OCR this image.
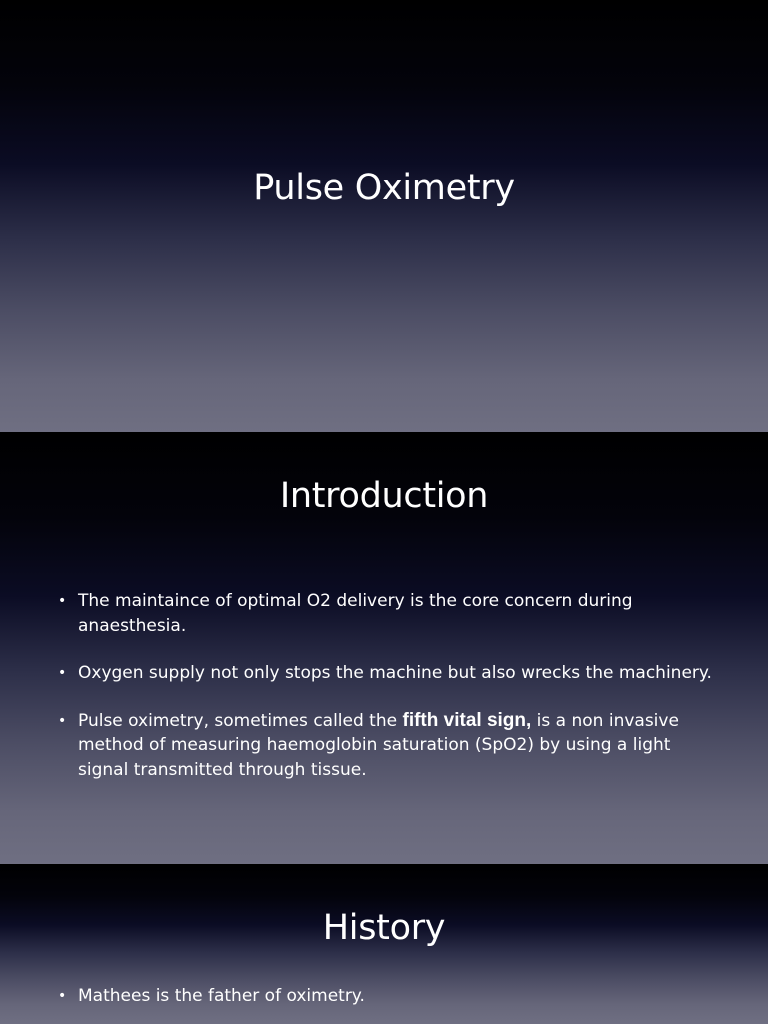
Pulse Oximetry
Introduction
• The maintaince of optimal O2 delivery is the core concern during anaesthesia.
• Oxygen supply not only stops the machine but also wrecks the machinery.
• Pulse oximetry, sometimes called the fifth vital sign, is a non invasive method of measuring haemoglobin saturation (SpO2) by using a light signal transmitted through tissue.
History
• Mathees is the father of oximetry.
